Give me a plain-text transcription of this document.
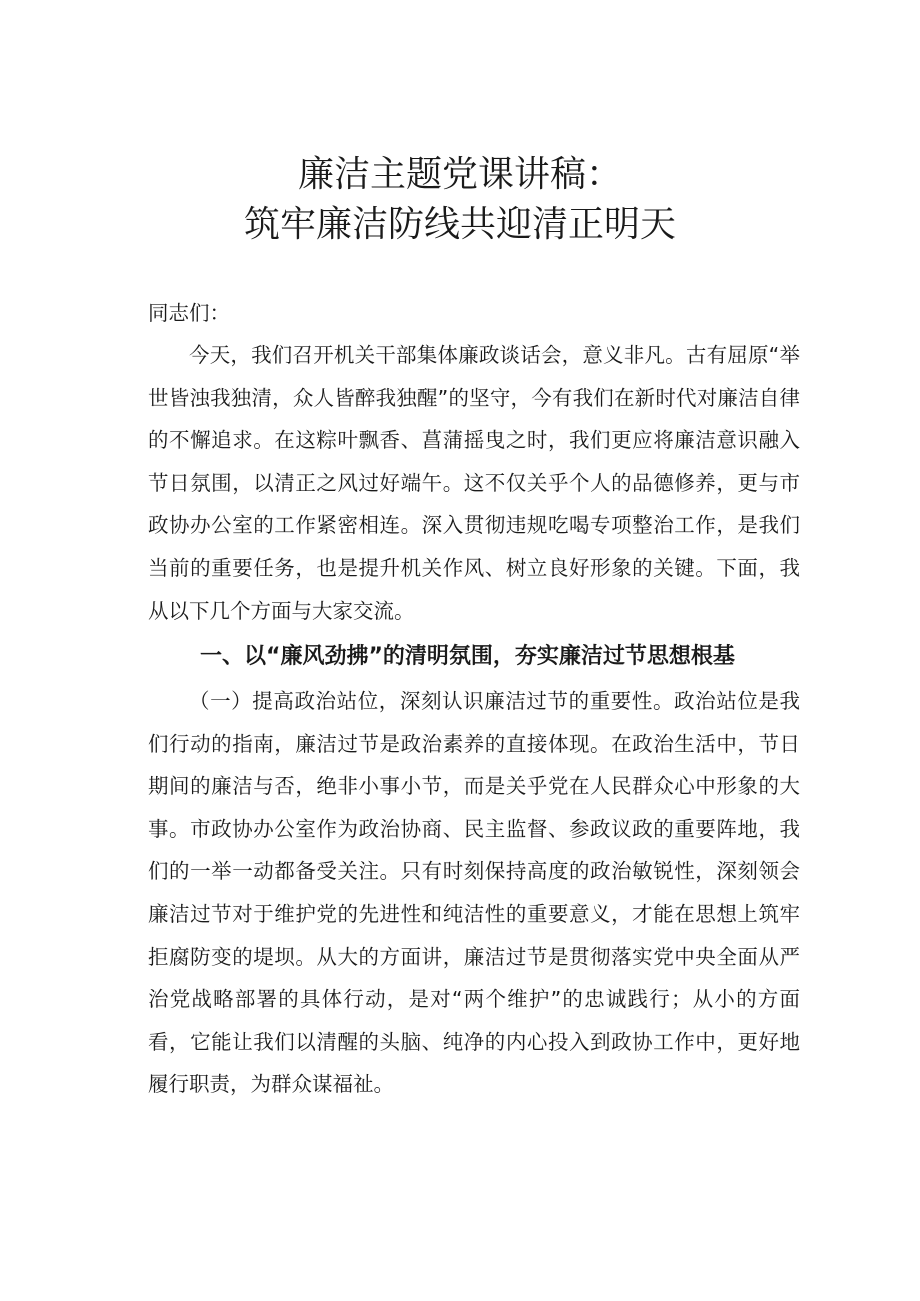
廉洁主题党课讲稿：
筑牢廉洁防线共迎清正明天
同志们：

今天，我们召开机关干部集体廉政谈话会，意义非凡。古有屈原“举世皆浊我独清，众人皆醉我独醒”的坚守，今有我们在新时代对廉洁自律的不懈追求。在这粽叶飘香、菖蒲摇曳之时，我们更应将廉洁意识融入节日氛围，以清正之风过好端午。这不仅关乎个人的品德修养，更与市政协办公室的工作紧密相连。深入贯彻违规吃喝专项整治工作，是我们当前的重要任务，也是提升机关作风、树立良好形象的关键。下面，我从以下几个方面与大家交流。

一、以“廉风劲拂”的清明氛围，夯实廉洁过节思想根基

（一）提高政治站位，深刻认识廉洁过节的重要性。政治站位是我们行动的指南，廉洁过节是政治素养的直接体现。在政治生活中，节日期间的廉洁与否，绝非小事小节，而是关乎党在人民群众心中形象的大事。市政协办公室作为政治协商、民主监督、参政议政的重要阵地，我们的一举一动都备受关注。只有时刻保持高度的政治敏锐性，深刻领会廉洁过节对于维护党的先进性和纯洁性的重要意义，才能在思想上筑牢拒腐防变的堤坝。从大的方面讲，廉洁过节是贯彻落实党中央全面从严治党战略部署的具体行动，是对“两个维护”的忠诚践行；从小的方面看，它能让我们以清醒的头脑、纯净的内心投入到政协工作中，更好地履行职责，为群众谋福祉。
